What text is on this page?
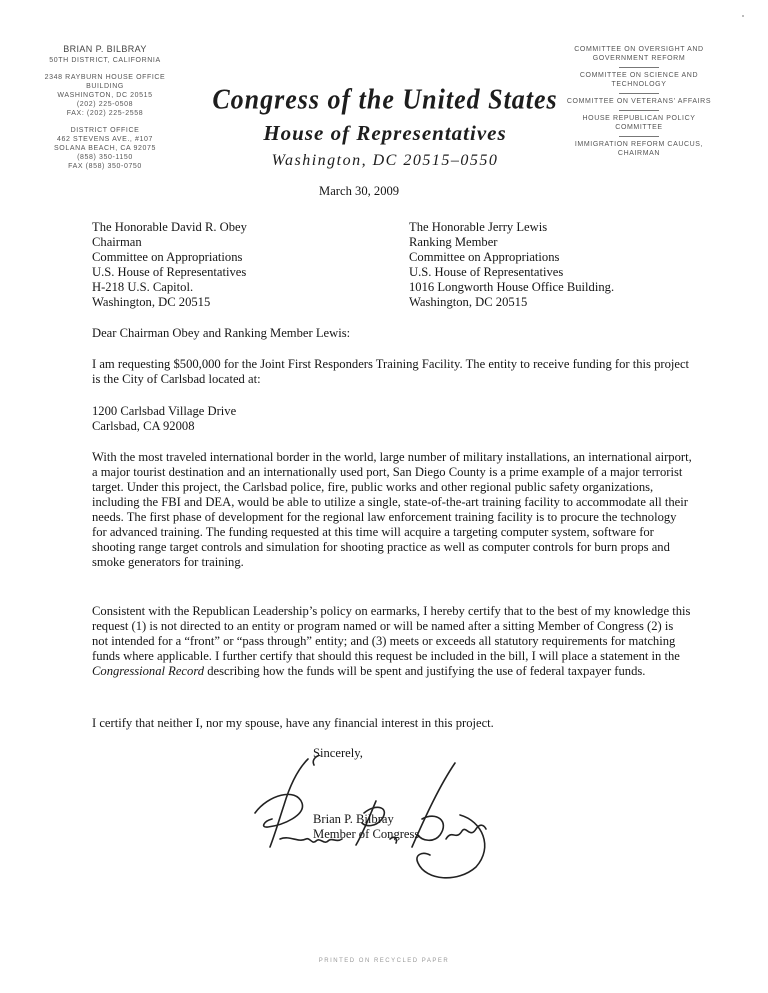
BRIAN P. BILBRAY
50TH DISTRICT, CALIFORNIA
2348 RAYBURN HOUSE OFFICE BUILDING
WASHINGTON, DC 20515
(202) 225-0508
FAX: (202) 225-2558
DISTRICT OFFICE
462 STEVENS AVE., #107
SOLANA BEACH, CA 92075
(858) 350-1150
FAX (858) 350-0750
COMMITTEE ON OVERSIGHT AND GOVERNMENT REFORM
COMMITTEE ON SCIENCE AND TECHNOLOGY
COMMITTEE ON VETERANS' AFFAIRS
HOUSE REPUBLICAN POLICY COMMITTEE
IMMIGRATION REFORM CAUCUS, CHAIRMAN
Congress of the United States
House of Representatives
Washington, DC 20515–0550
March 30, 2009
The Honorable David R. Obey
Chairman
Committee on Appropriations
U.S. House of Representatives
H-218 U.S. Capitol.
Washington, DC 20515
The Honorable Jerry Lewis
Ranking Member
Committee on Appropriations
U.S. House of Representatives
1016 Longworth House Office Building.
Washington, DC 20515
Dear Chairman Obey and Ranking Member Lewis:
I am requesting $500,000 for the Joint First Responders Training Facility. The entity to receive funding for this project is the City of Carlsbad located at:
1200 Carlsbad Village Drive
Carlsbad, CA 92008
With the most traveled international border in the world, large number of military installations, an international airport, a major tourist destination and an internationally used port, San Diego County is a prime example of a major terrorist target. Under this project, the Carlsbad police, fire, public works and other regional public safety organizations, including the FBI and DEA, would be able to utilize a single, state-of-the-art training facility to accommodate all their needs. The first phase of development for the regional law enforcement training facility is to procure the technology for advanced training. The funding requested at this time will acquire a targeting computer system, software for shooting range target controls and simulation for shooting practice as well as computer controls for burn props and smoke generators for training.
Consistent with the Republican Leadership’s policy on earmarks, I hereby certify that to the best of my knowledge this request (1) is not directed to an entity or program named or will be named after a sitting Member of Congress (2) is not intended for a “front” or “pass through” entity; and (3) meets or exceeds all statutory requirements for matching funds where applicable. I further certify that should this request be included in the bill, I will place a statement in the Congressional Record describing how the funds will be spent and justifying the use of federal taxpayer funds.
I certify that neither I, nor my spouse, have any financial interest in this project.
Sincerely,
Brian P. Bilbray
Member of Congress
PRINTED ON RECYCLED PAPER
